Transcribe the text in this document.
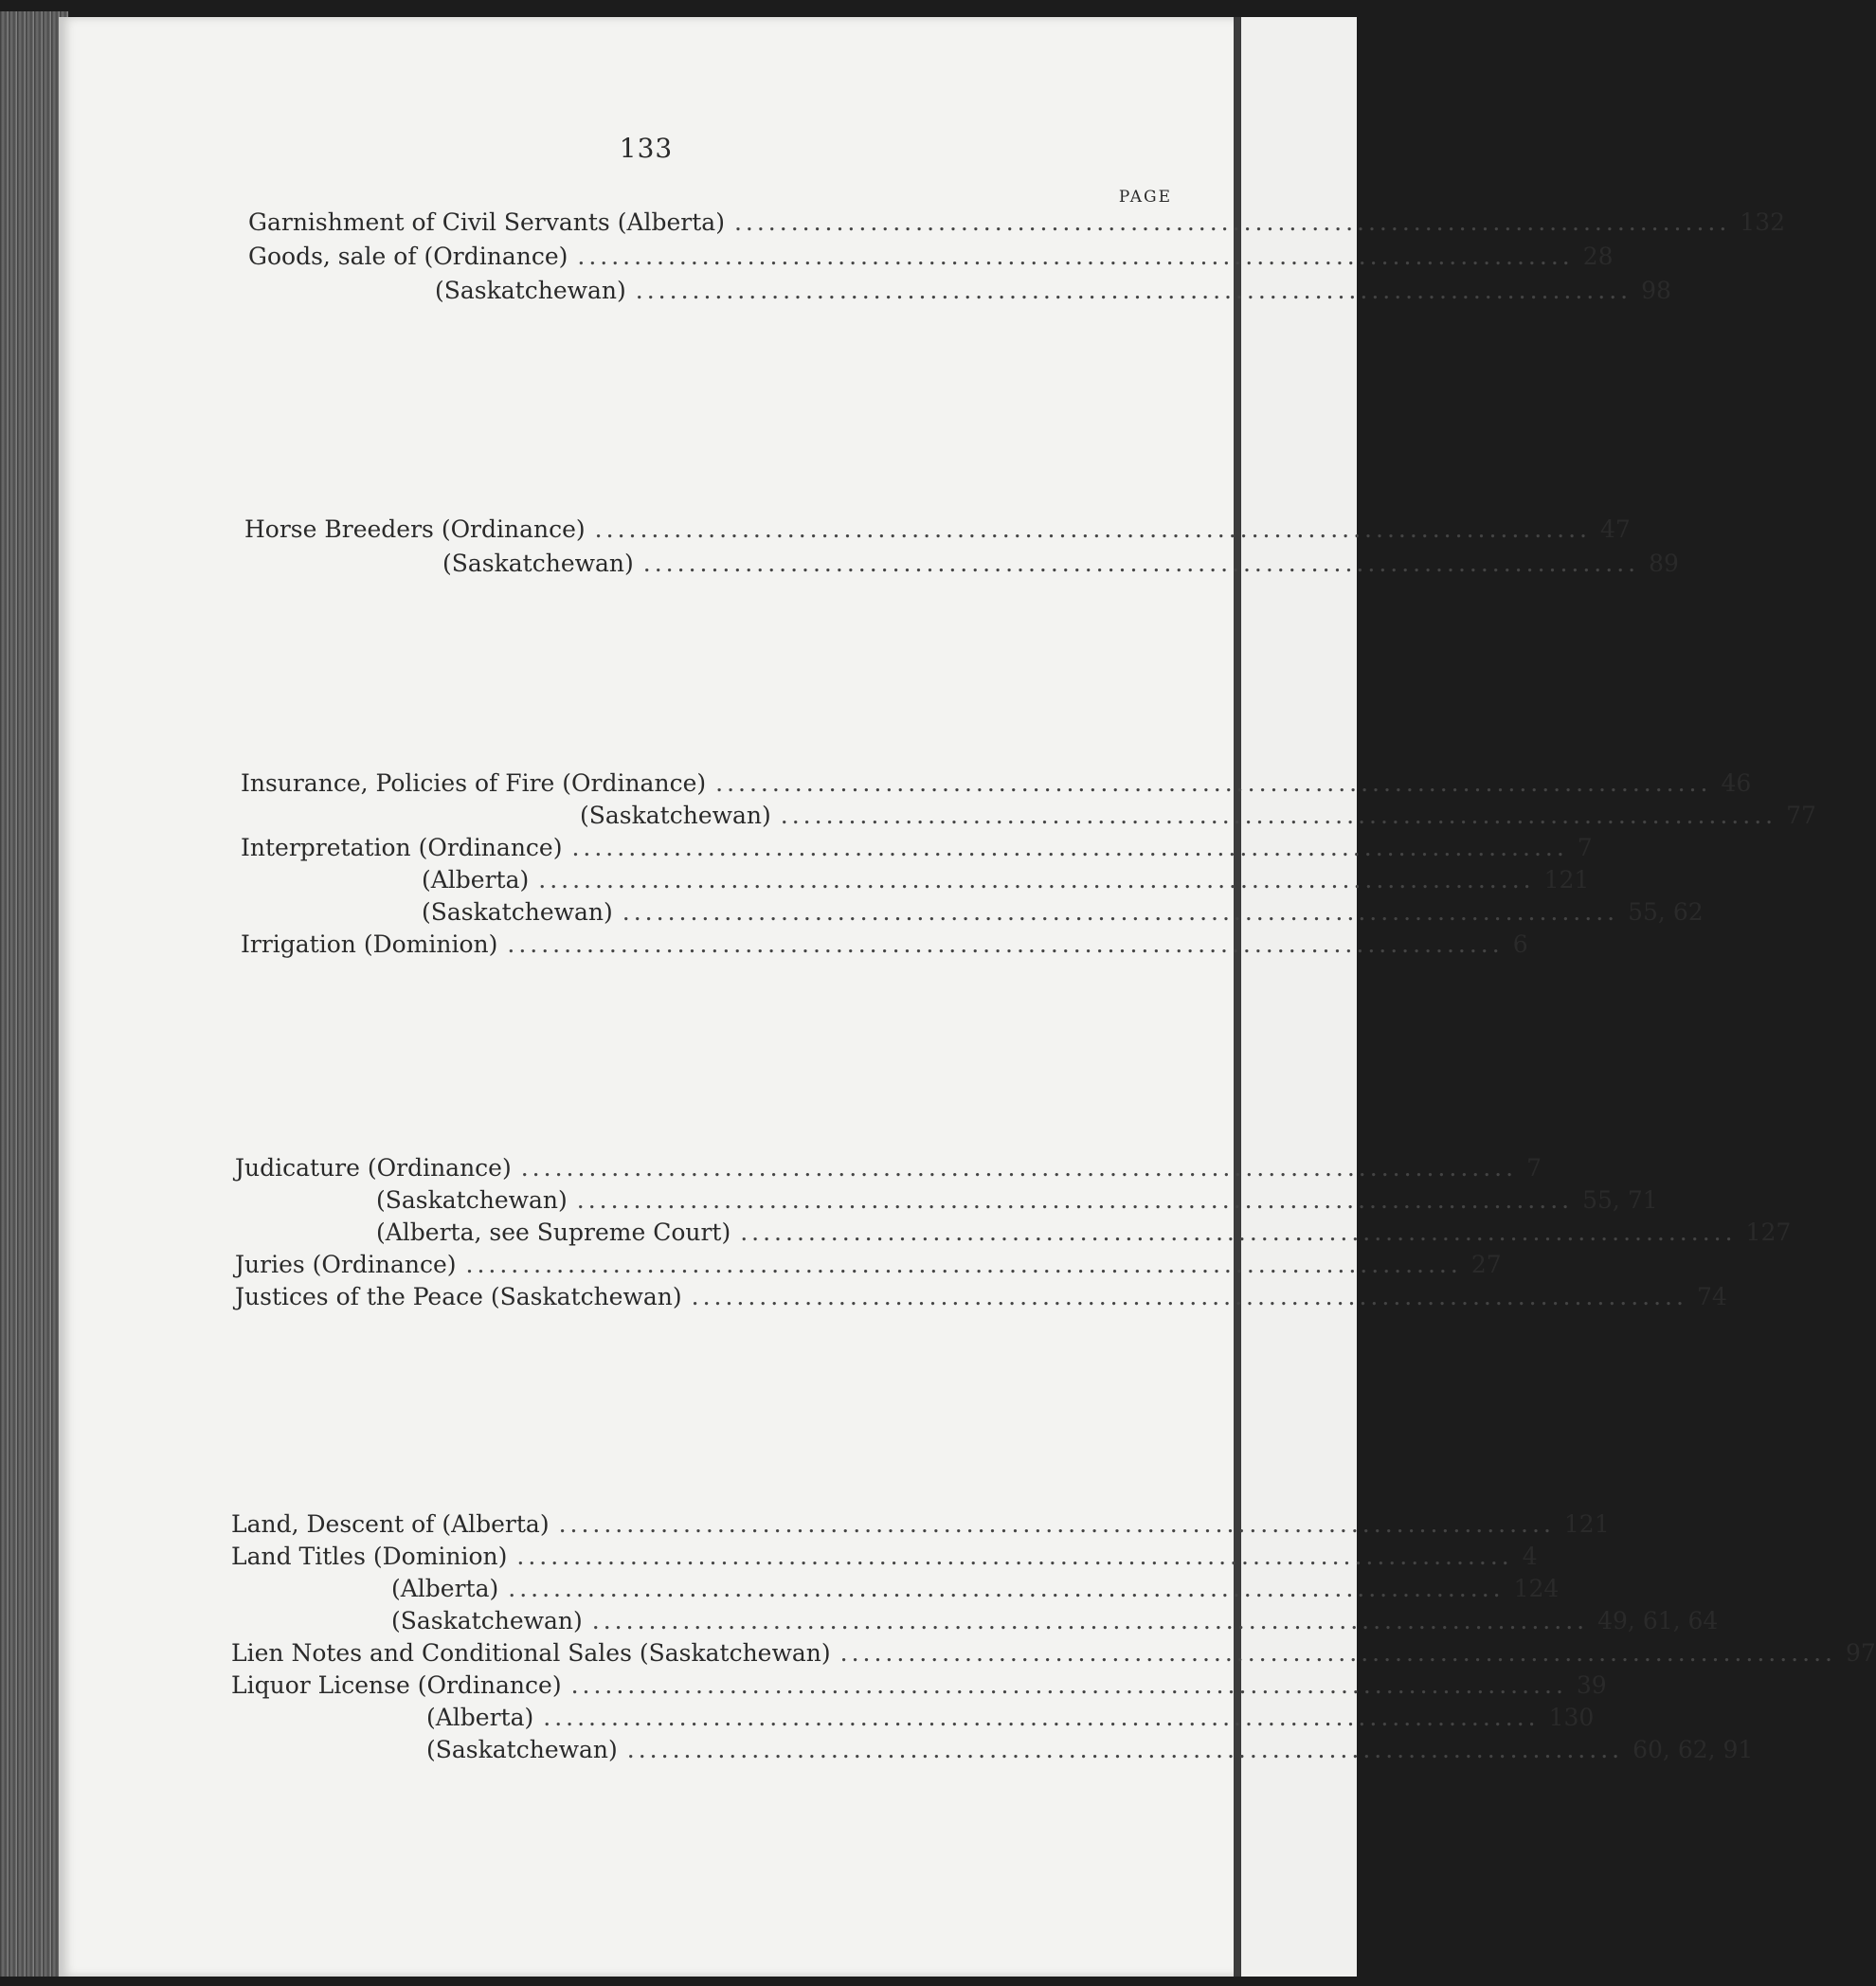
133
PAGE
Garnishment of Civil Servants (Alberta) ........................................................................................ 132
Goods, sale of (Ordinance) ........................................................................................ 28
(Saskatchewan) ........................................................................................ 98
Horse Breeders (Ordinance) ........................................................................................ 47
(Saskatchewan) ........................................................................................ 89
Insurance, Policies of Fire (Ordinance) ........................................................................................ 46
(Saskatchewan) ........................................................................................ 77
Interpretation (Ordinance) ........................................................................................ 7
(Alberta) ........................................................................................ 121
(Saskatchewan) ........................................................................................ 55, 62
Irrigation (Dominion) ........................................................................................ 6
Judicature (Ordinance) ........................................................................................ 7
(Saskatchewan) ........................................................................................ 55, 71
(Alberta, see Supreme Court) ........................................................................................ 127
Juries (Ordinance) ........................................................................................ 27
Justices of the Peace (Saskatchewan) ........................................................................................ 74
Land, Descent of (Alberta) ........................................................................................ 121
Land Titles (Dominion) ........................................................................................ 4
(Alberta) ........................................................................................ 124
(Saskatchewan) ........................................................................................ 49, 61, 64
Lien Notes and Conditional Sales (Saskatchewan) ........................................................................................ 97
Liquor License (Ordinance) ........................................................................................ 39
(Alberta) ........................................................................................ 130
(Saskatchewan) ........................................................................................ 60, 62, 91
